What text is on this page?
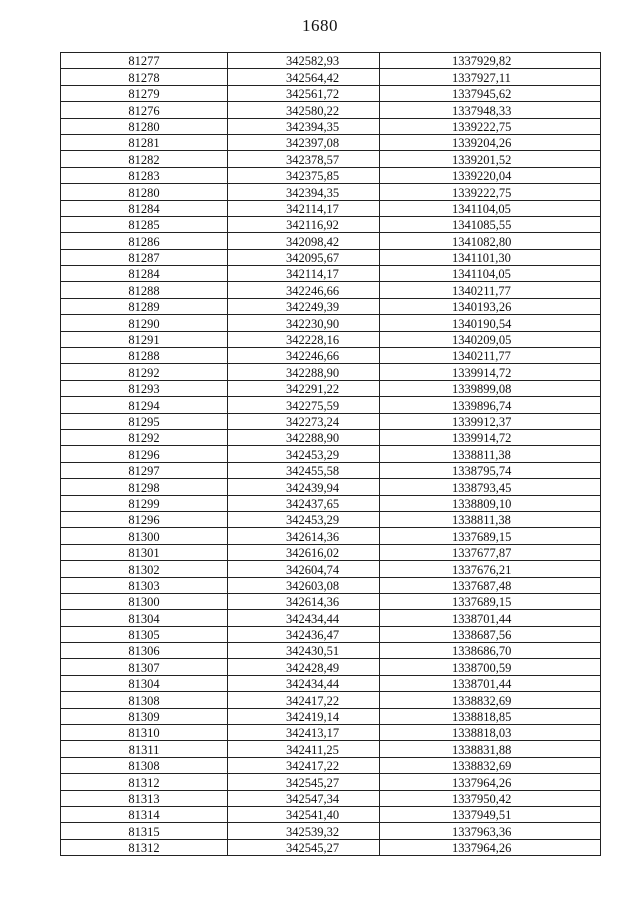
1680
81277	342582,93	1337929,82
81278	342564,42	1337927,11
81279	342561,72	1337945,62
81276	342580,22	1337948,33
81280	342394,35	1339222,75
81281	342397,08	1339204,26
81282	342378,57	1339201,52
81283	342375,85	1339220,04
81280	342394,35	1339222,75
81284	342114,17	1341104,05
81285	342116,92	1341085,55
81286	342098,42	1341082,80
81287	342095,67	1341101,30
81284	342114,17	1341104,05
81288	342246,66	1340211,77
81289	342249,39	1340193,26
81290	342230,90	1340190,54
81291	342228,16	1340209,05
81288	342246,66	1340211,77
81292	342288,90	1339914,72
81293	342291,22	1339899,08
81294	342275,59	1339896,74
81295	342273,24	1339912,37
81292	342288,90	1339914,72
81296	342453,29	1338811,38
81297	342455,58	1338795,74
81298	342439,94	1338793,45
81299	342437,65	1338809,10
81296	342453,29	1338811,38
81300	342614,36	1337689,15
81301	342616,02	1337677,87
81302	342604,74	1337676,21
81303	342603,08	1337687,48
81300	342614,36	1337689,15
81304	342434,44	1338701,44
81305	342436,47	1338687,56
81306	342430,51	1338686,70
81307	342428,49	1338700,59
81304	342434,44	1338701,44
81308	342417,22	1338832,69
81309	342419,14	1338818,85
81310	342413,17	1338818,03
81311	342411,25	1338831,88
81308	342417,22	1338832,69
81312	342545,27	1337964,26
81313	342547,34	1337950,42
81314	342541,40	1337949,51
81315	342539,32	1337963,36
81312	342545,27	1337964,26
